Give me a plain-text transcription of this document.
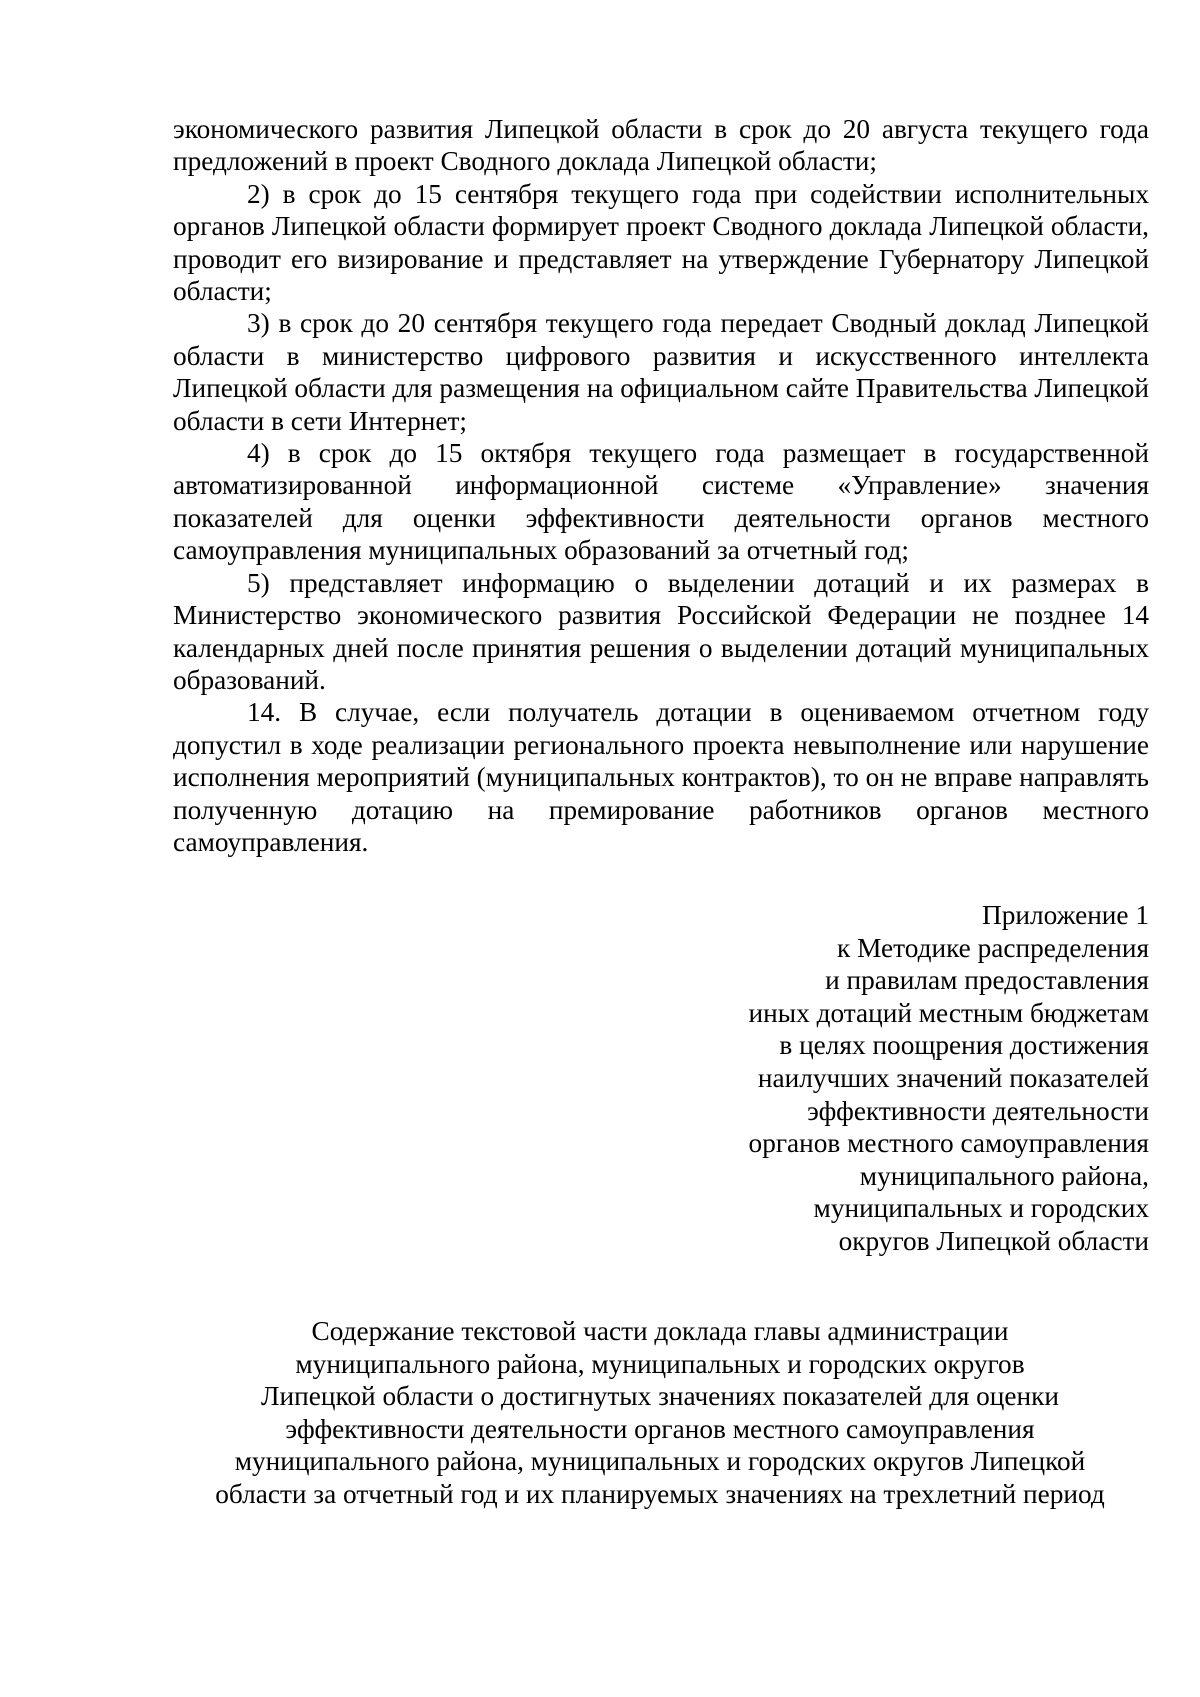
экономического развития Липецкой области в срок до 20 августа текущего года предложений в проект Сводного доклада Липецкой области;

2) в срок до 15 сентября текущего года при содействии исполнительных органов Липецкой области формирует проект Сводного доклада Липецкой области, проводит его визирование и представляет на утверждение Губернатору Липецкой области;

3) в срок до 20 сентября текущего года передает Сводный доклад Липецкой области в министерство цифрового развития и искусственного интеллекта Липецкой области для размещения на официальном сайте Правительства Липецкой области в сети Интернет;

4) в срок до 15 октября текущего года размещает в государственной автоматизированной информационной системе «Управление» значения показателей для оценки эффективности деятельности органов местного самоуправления муниципальных образований за отчетный год;

5) представляет информацию о выделении дотаций и их размерах в Министерство экономического развития Российской Федерации не позднее 14 календарных дней после принятия решения о выделении дотаций муниципальных образований.

14. В случае, если получатель дотации в оцениваемом отчетном году допустил в ходе реализации регионального проекта невыполнение или нарушение исполнения мероприятий (муниципальных контрактов), то он не вправе направлять полученную дотацию на премирование работников органов местного самоуправления.

Приложение 1
к Методике распределения
и правилам предоставления
иных дотаций местным бюджетам
в целях поощрения достижения
наилучших значений показателей
эффективности деятельности
органов местного самоуправления
муниципального района,
муниципальных и городских
округов Липецкой области
Содержание текстовой части доклада главы администрации
муниципального района, муниципальных и городских округов
Липецкой области о достигнутых значениях показателей для оценки
эффективности деятельности органов местного самоуправления
муниципального района, муниципальных и городских округов Липецкой
области за отчетный год и их планируемых значениях на трехлетний период
